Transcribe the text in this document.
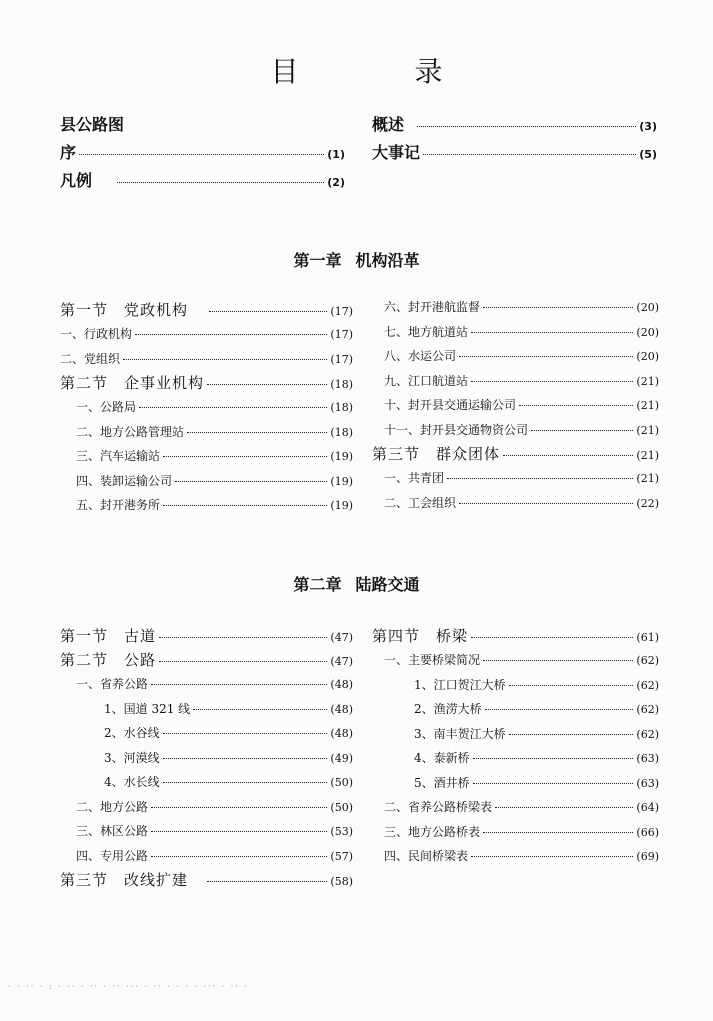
目　录
县公路图
序	(1)
凡例	(2)
概述	(3)
大事记	(5)
第一章 机构沿革
第一节　党政机构	(17)
一、行政机构	(17)
二、党组织	(17)
第二节　企事业机构	(18)
一、公路局	(18)
二、地方公路管理站	(18)
三、汽车运输站	(19)
四、装卸运输公司	(19)
五、封开港务所	(19)
六、封开港航监督	(20)
七、地方航道站	(20)
八、水运公司	(20)
九、江口航道站	(21)
十、封开县交通运输公司	(21)
十一、封开县交通物资公司	(21)
第三节　群众团体	(21)
一、共青团	(21)
二、工会组织	(22)
第二章 陆路交通
第一节　古道	(47)
第二节　公路	(47)
一、省养公路	(48)
1、国道 321 线	(48)
2、水谷线	(48)
3、河漠线	(49)
4、水长线	(50)
二、地方公路	(50)
三、林区公路	(53)
四、专用公路	(57)
第三节　改线扩建	(58)
第四节　桥梁	(61)
一、主要桥梁简况	(62)
1、江口贺江大桥	(62)
2、渔涝大桥	(62)
3、南丰贺江大桥	(62)
4、泰新桥	(63)
5、酒井桥	(63)
二、省养公路桥梁表	(64)
三、地方公路桥表	(66)
四、民间桥梁表	(69)
· · ·· · : · ·· · ·· · ·· ··· · ·· · · · · ··· · ·· ·
